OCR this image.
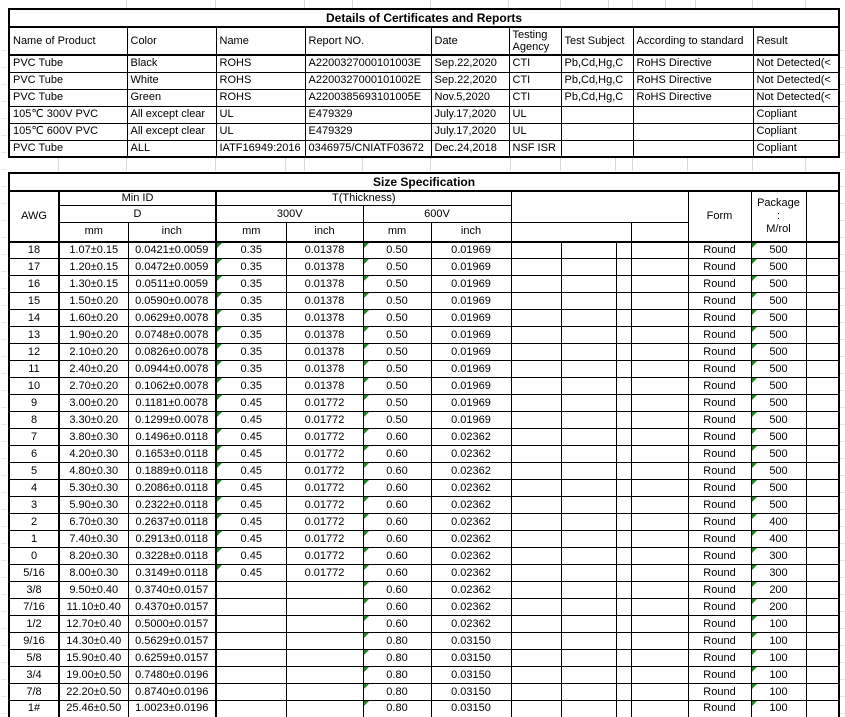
Details of Certificates and Reports								
Name of Product	Color	Name	Report NO.	Date	Testing Agency	Test Subject	According to standard	Result
PVC Tube	Black	ROHS	A2200327000101003E	Sep.22,2020	CTI	Pb,Cd,Hg,C	RoHS Directive	Not Detected(<
PVC Tube	White	ROHS	A2200327000101002E	Sep.22,2020	CTI	Pb,Cd,Hg,C	RoHS Directive	Not Detected(<
PVC Tube	Green	ROHS	A2200385693101005E	Nov.5,2020	CTI	Pb,Cd,Hg,C	RoHS Directive	Not Detected(<
105℃ 300V PVC	All except clear	UL	E479329	July.17,2020	UL			Copliant
105℃ 600V PVC	All except clear	UL	E479329	July.17,2020	UL			Copliant
PVC Tube	ALL	IATF16949:2016	0346975/CNIATF03672	Dec.24,2018	NSF ISR			Copliant
Size Specification													
AWG	Min ID		T(Thickness)								Form	Package
:
M/rol	

	D		300V		600V								
	mm	inch	mm	inch	mm	inch							
18	1.07±0.15	0.0421±0.0059	0.35	0.01378	0.50	0.01969					Round	500

17	1.20±0.15	0.0472±0.0059	0.35	0.01378	0.50	0.01969					Round	500

16	1.30±0.15	0.0511±0.0059	0.35	0.01378	0.50	0.01969					Round	500

15	1.50±0.20	0.0590±0.0078	0.35	0.01378	0.50	0.01969					Round	500

14	1.60±0.20	0.0629±0.0078	0.35	0.01378	0.50	0.01969					Round	500

13	1.90±0.20	0.0748±0.0078	0.35	0.01378	0.50	0.01969					Round	500

12	2.10±0.20	0.0826±0.0078	0.35	0.01378	0.50	0.01969					Round	500

11	2.40±0.20	0.0944±0.0078	0.35	0.01378	0.50	0.01969					Round	500

10	2.70±0.20	0.1062±0.0078	0.35	0.01378	0.50	0.01969					Round	500

9	3.00±0.20	0.1181±0.0078	0.45	0.01772	0.50	0.01969					Round	500

8	3.30±0.20	0.1299±0.0078	0.45	0.01772	0.50	0.01969					Round	500

7	3.80±0.30	0.1496±0.0118	0.45	0.01772	0.60	0.02362					Round	500

6	4.20±0.30	0.1653±0.0118	0.45	0.01772	0.60	0.02362					Round	500

5	4.80±0.30	0.1889±0.0118	0.45	0.01772	0.60	0.02362					Round	500

4	5.30±0.30	0.2086±0.0118	0.45	0.01772	0.60	0.02362					Round	500

3	5.90±0.30	0.2322±0.0118	0.45	0.01772	0.60	0.02362					Round	500

2	6.70±0.30	0.2637±0.0118	0.45	0.01772	0.60	0.02362					Round	400

1	7.40±0.30	0.2913±0.0118	0.45	0.01772	0.60	0.02362					Round	400

0	8.20±0.30	0.3228±0.0118	0.45	0.01772	0.60	0.02362					Round	300

5/16	8.00±0.30	0.3149±0.0118	0.45	0.01772	0.60	0.02362					Round	300

3/8	9.50±0.40	0.3740±0.0157			0.60	0.02362					Round	200

7/16	11.10±0.40	0.4370±0.0157			0.60	0.02362					Round	200

1/2	12.70±0.40	0.5000±0.0157			0.60	0.02362					Round	100

9/16	14.30±0.40	0.5629±0.0157			0.80	0.03150					Round	100

5/8	15.90±0.40	0.6259±0.0157			0.80	0.03150					Round	100

3/4	19.00±0.50	0.7480±0.0196			0.80	0.03150					Round	100

7/8	22.20±0.50	0.8740±0.0196			0.80	0.03150					Round	100

1#	25.46±0.50	1.0023±0.0196			0.80	0.03150					Round	100
